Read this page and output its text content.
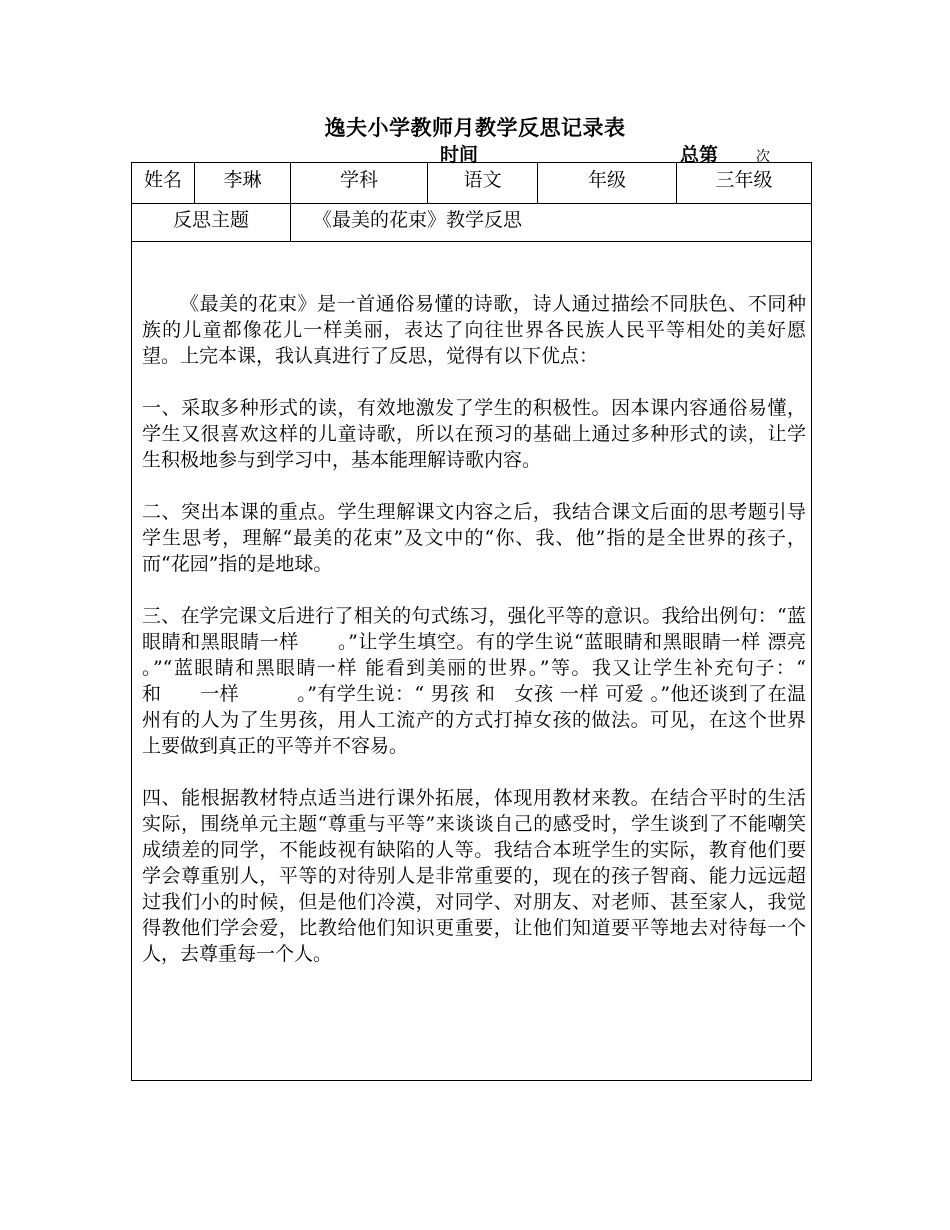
逸夫小学教师月教学反思记录表
时间	总第	次
姓名	李琳	学科	语文	年级	三年级
反思主题	《最美的花束》教学反思

《最美的花束》是一首通俗易懂的诗歌，诗人通过描绘不同肤色、不同种族的儿童都像花儿一样美丽，表达了向往世界各民族人民平等相处的美好愿望。上完本课，我认真进行了反思，觉得有以下优点：

一、采取多种形式的读，有效地激发了学生的积极性。因本课内容通俗易懂，学生又很喜欢这样的儿童诗歌，所以在预习的基础上通过多种形式的读，让学生积极地参与到学习中，基本能理解诗歌内容。

二、突出本课的重点。学生理解课文内容之后，我结合课文后面的思考题引导学生思考，理解“最美的花束”及文中的“你、我、他”指的是全世界的孩子，而“花园”指的是地球。

三、在学完课文后进行了相关的句式练习，强化平等的意识。我给出例句：“蓝眼睛和黑眼睛一样　　。”让学生填空。有的学生说“蓝眼睛和黑眼睛一样 漂亮 。”“蓝眼睛和黑眼睛一样 能看到美丽的世界。”等。我又让学生补充句子：“　　和　　一样　　　。”有学生说：“ 男孩 和　女孩 一样 可爱 。”他还谈到了在温州有的人为了生男孩，用人工流产的方式打掉女孩的做法。可见，在这个世界上要做到真正的平等并不容易。

四、能根据教材特点适当进行课外拓展，体现用教材来教。在结合平时的生活实际，围绕单元主题“尊重与平等”来谈谈自己的感受时，学生谈到了不能嘲笑成绩差的同学，不能歧视有缺陷的人等。我结合本班学生的实际，教育他们要学会尊重别人，平等的对待别人是非常重要的，现在的孩子智商、能力远远超过我们小的时候，但是他们冷漠，对同学、对朋友、对老师、甚至家人，我觉得教他们学会爱，比教给他们知识更重要，让他们知道要平等地去对待每一个人，去尊重每一个人。
